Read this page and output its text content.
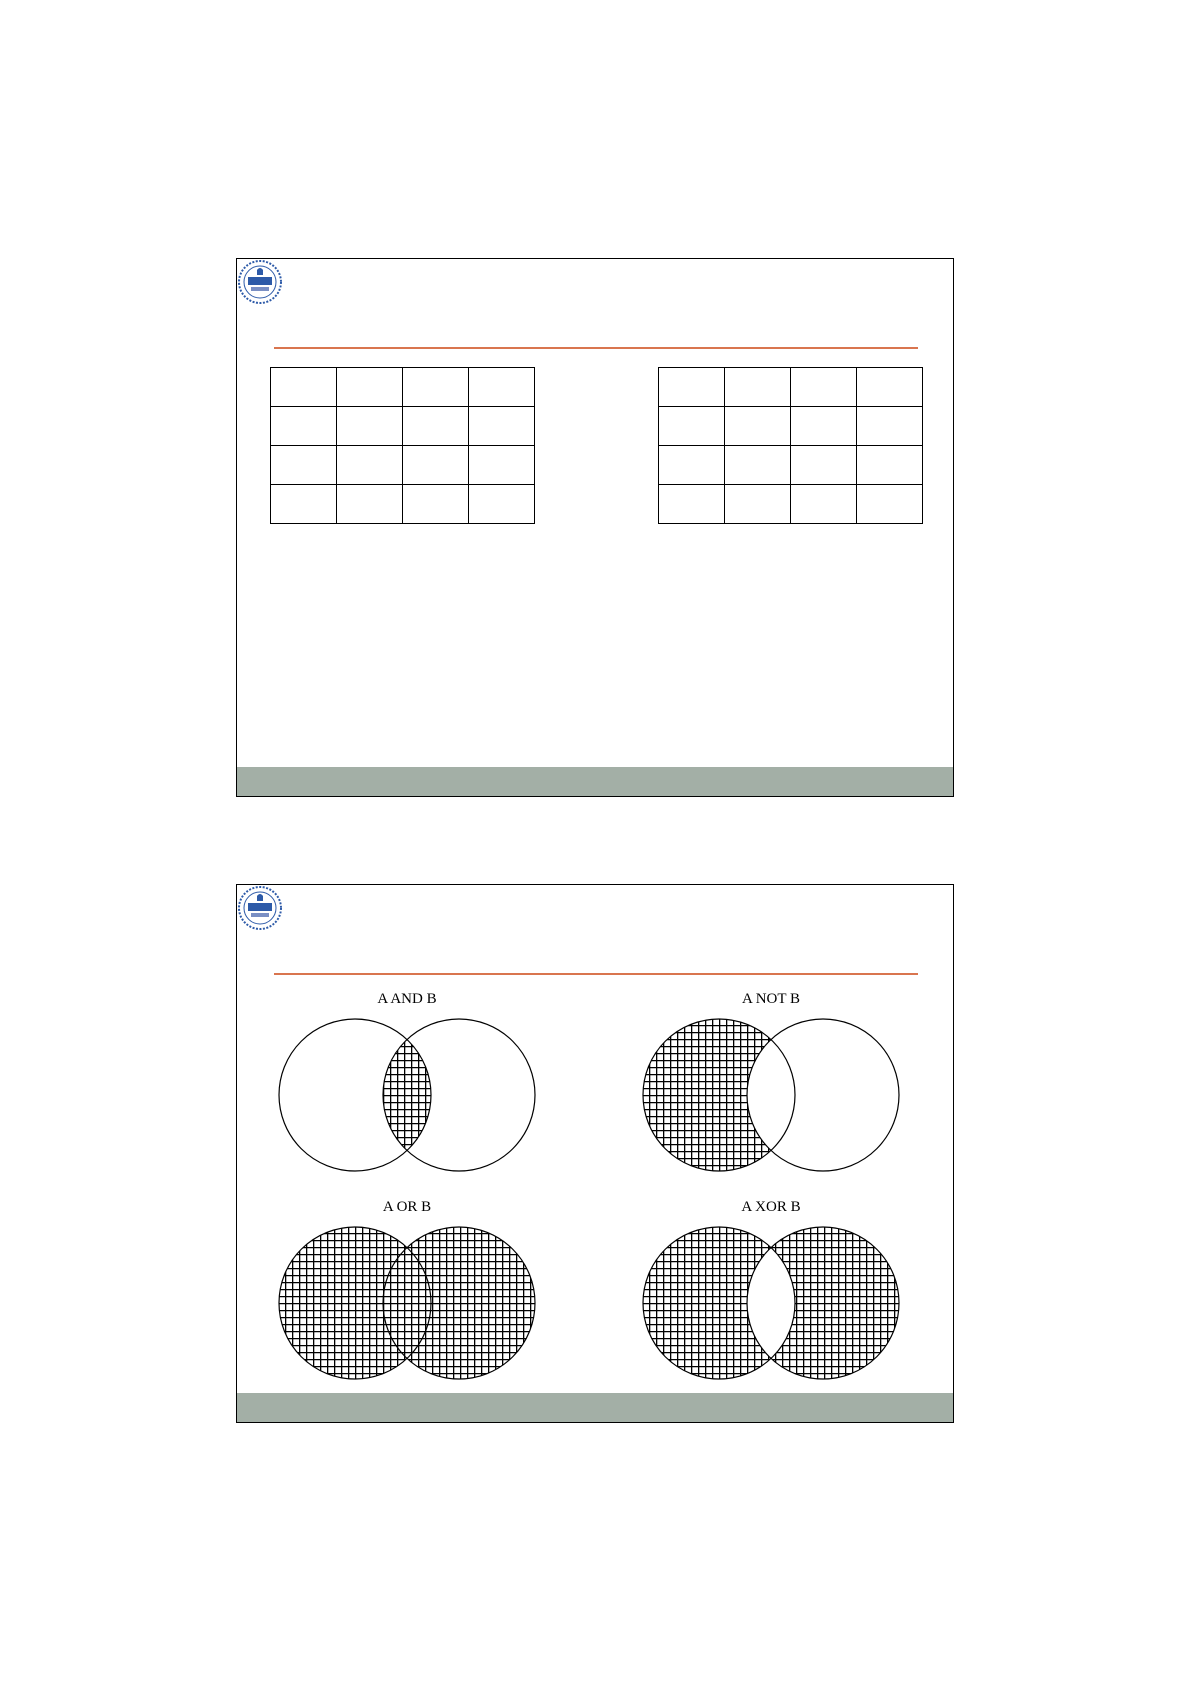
A AND B	A NOT B
A OR B	A XOR B
